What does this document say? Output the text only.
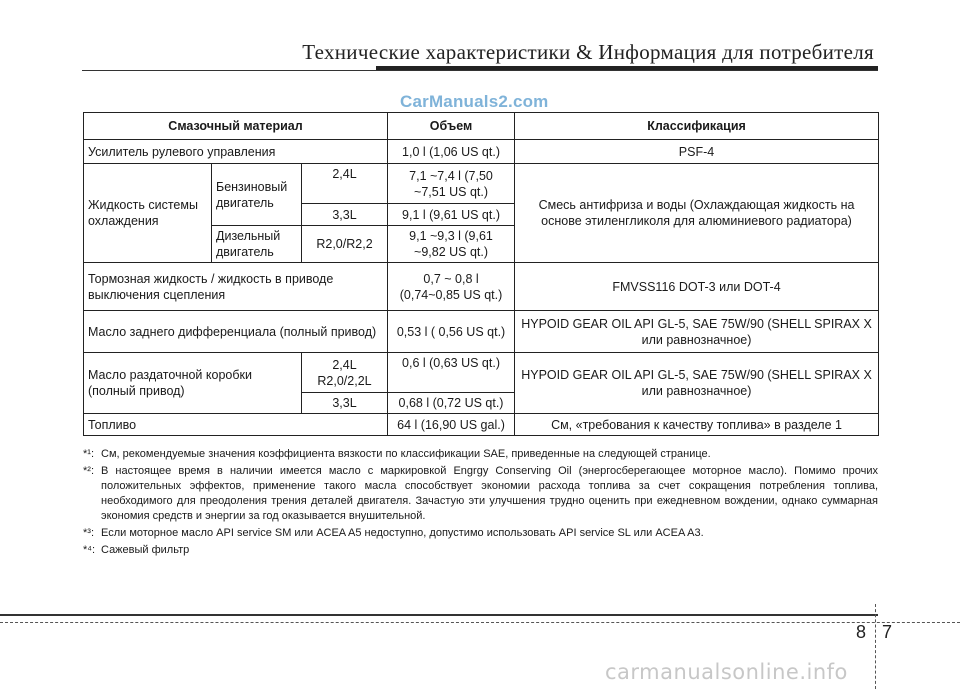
Технические характеристики & Информация для потребителя
CarManuals2.com
Смазочный материал			Объем	Классификация
Усилитель рулевого управления			1,0 l (1,06 US qt.)	PSF-4
Жидкость системы охлаждения	Бензиновый двигатель	2,4L	7,1 ~7,4 l (7,50 ~7,51 US qt.)	Смесь антифриза и воды (Охлаждающая жидкость на основе этиленгликоля для алюминиевого радиатора)
		3,3L	9,1 l (9,61 US qt.)	
	Дизельный двигатель	R2,0/R2,2	9,1 ~9,3 l (9,61 ~9,82 US qt.)	

Тормозная жидкость / жидкость в приводе выключения сцепления			0,7 ~ 0,8 l (0,74~0,85 US qt.)	FMVSS116 DOT-3 или DOT-4
Масло заднего дифференциала (полный привод)			0,53 l ( 0,56 US qt.)	HYPOID GEAR OIL API GL-5, SAE 75W/90 (SHELL SPIRAX X или равнозначное)
Масло раздаточной коробки (полный привод)		2,4L R2,0/2,2L	0,6 l (0,63 US qt.)	HYPOID GEAR OIL API GL-5, SAE 75W/90 (SHELL SPIRAX X или равнозначное)
		3,3L	0,68 l (0,72 US qt.)	
Топливо			64 l (16,90 US gal.)	См, «требования к качеству топлива» в разделе 1
*¹: См, рекомендуемые значения коэффициента вязкости по классификации SAE, приведенные на следующей странице.
*²: В настоящее время в наличии имеется масло с маркировкой Engrgy Conserving Oil (энергосберегающее моторное масло). Помимо прочих положительных эффектов, применение такого масла способствует экономии расхода топлива за счет сокращения потребления топлива, необходимого для преодоления трения деталей двигателя. Зачастую эти улучшения трудно оценить при ежедневном вождении, однако суммарная экономия средств и энергии за год оказывается внушительной.
*³: Если моторное масло API service SM или ACEA A5 недоступно, допустимо использовать API service SL или ACEA A3.
*⁴: Сажевый фильтр
8 7
carmanualsonline.info
